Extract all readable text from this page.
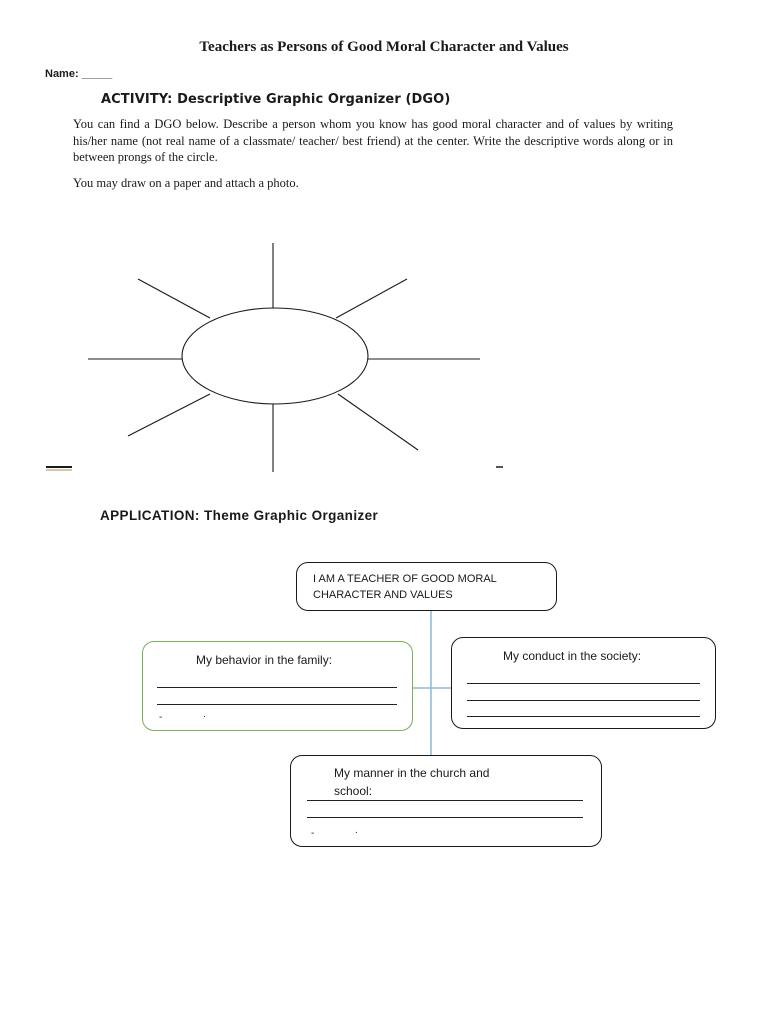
Teachers as Persons of Good Moral Character and Values
Name: _____
ACTIVITY: Descriptive Graphic Organizer (DGO)
You can find a DGO below. Describe a person whom you know has good moral character and of values by writing his/her name (not real name of a classmate/ teacher/ best friend) at the center. Write the descriptive words along or in between prongs of the circle.
You may draw on a paper and attach a photo.
APPLICATION: Theme Graphic Organizer
I AM A TEACHER OF GOOD MORAL CHARACTER AND VALUES
My behavior in the family:
-	.
My conduct in the society:
My manner in the church and
school:
-	.
